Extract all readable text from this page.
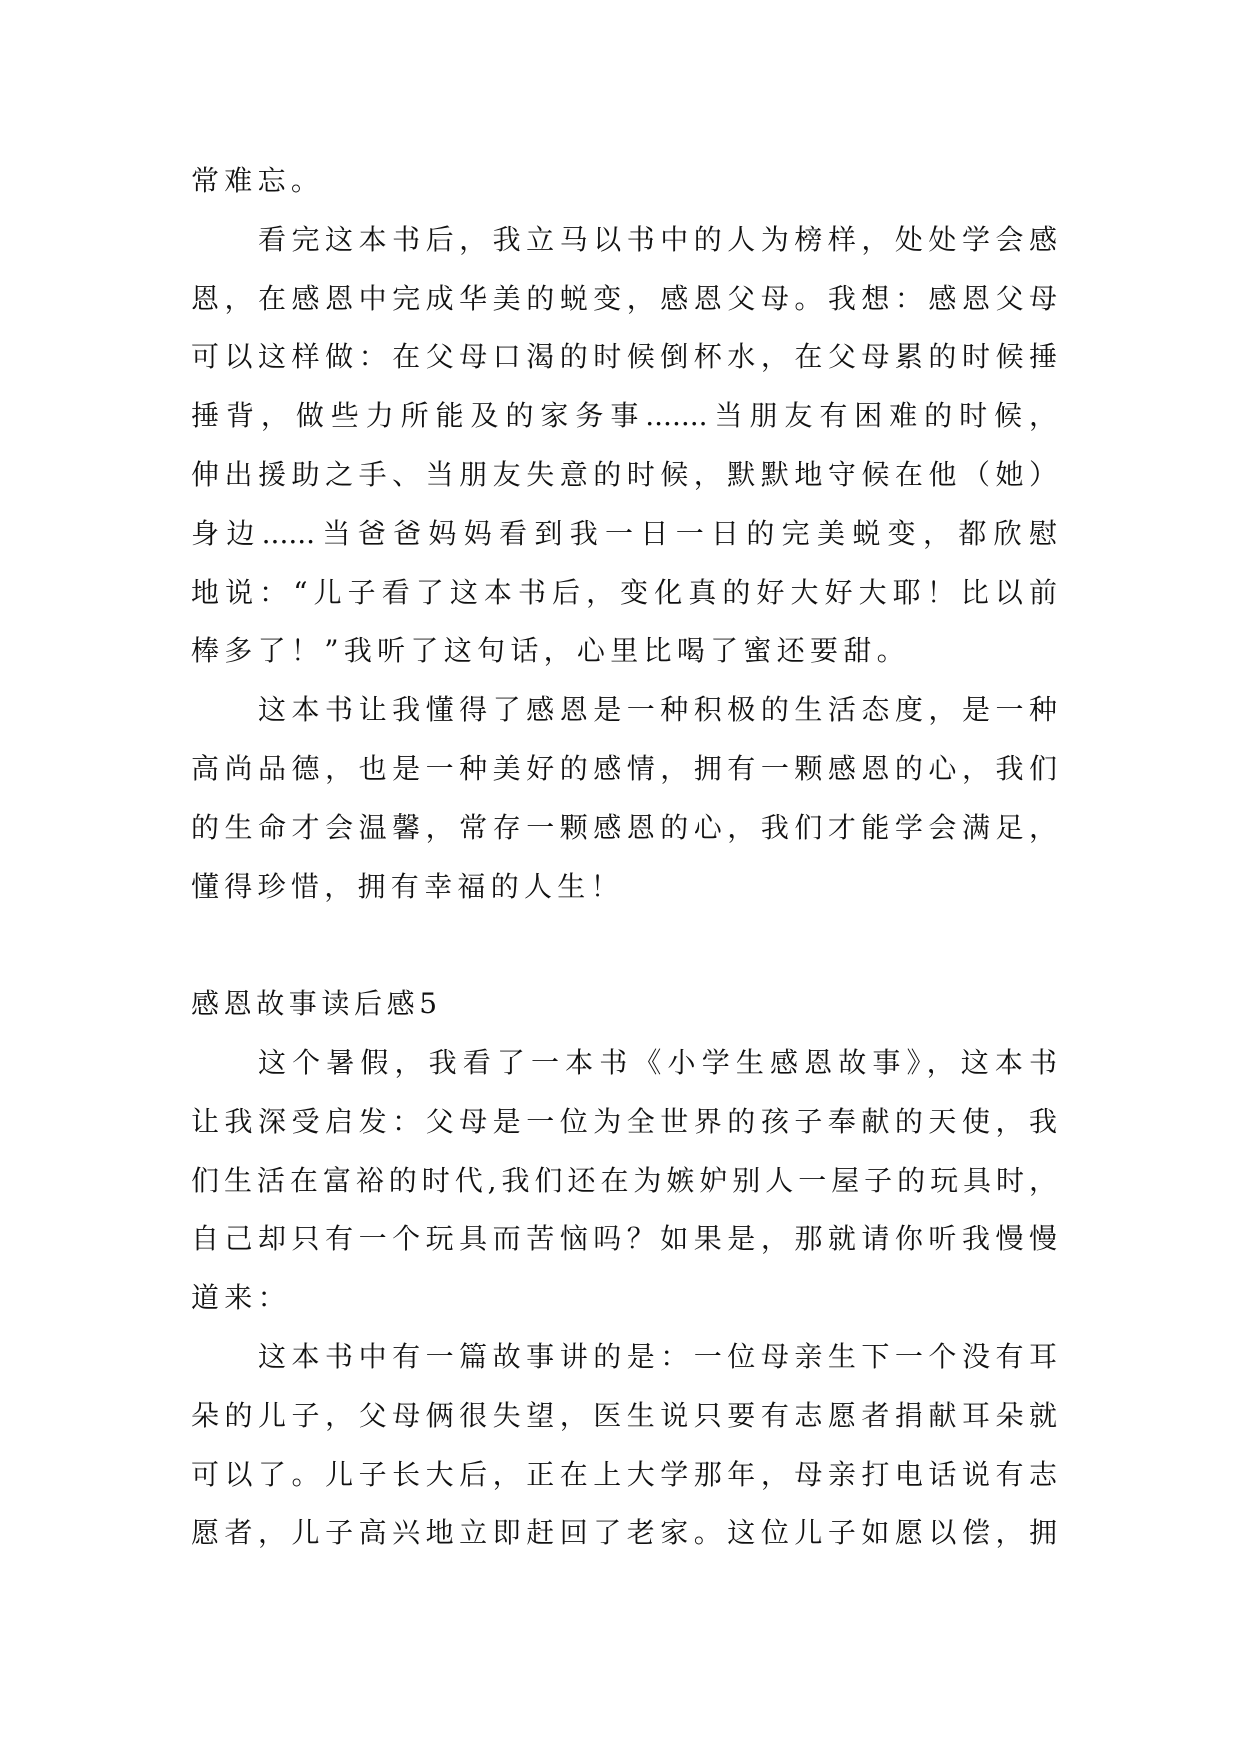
常难忘。
看完这本书后，我立马以书中的人为榜样，处处学会感
恩，在感恩中完成华美的蜕变，感恩父母。我想：感恩父母
可以这样做：在父母口渴的时候倒杯水，在父母累的时候捶
捶背，做些力所能及的家务事.......当朋友有困难的时候，
伸出援助之手、当朋友失意的时候，默默地守候在他（她）
身边......当爸爸妈妈看到我一日一日的完美蜕变，都欣慰
地说：“儿子看了这本书后，变化真的好大好大耶！比以前
棒多了！”我听了这句话，心里比喝了蜜还要甜。
这本书让我懂得了感恩是一种积极的生活态度，是一种
高尚品德，也是一种美好的感情，拥有一颗感恩的心，我们
的生命才会温馨，常存一颗感恩的心，我们才能学会满足，
懂得珍惜，拥有幸福的人生！
感恩故事读后感5
这个暑假，我看了一本书《小学生感恩故事》，这本书
让我深受启发：父母是一位为全世界的孩子奉献的天使，我
们生活在富裕的时代,我们还在为嫉妒别人一屋子的玩具时，
自己却只有一个玩具而苦恼吗？如果是，那就请你听我慢慢
道来：
这本书中有一篇故事讲的是：一位母亲生下一个没有耳
朵的儿子，父母俩很失望，医生说只要有志愿者捐献耳朵就
可以了。儿子长大后，正在上大学那年，母亲打电话说有志
愿者，儿子高兴地立即赶回了老家。这位儿子如愿以偿，拥
